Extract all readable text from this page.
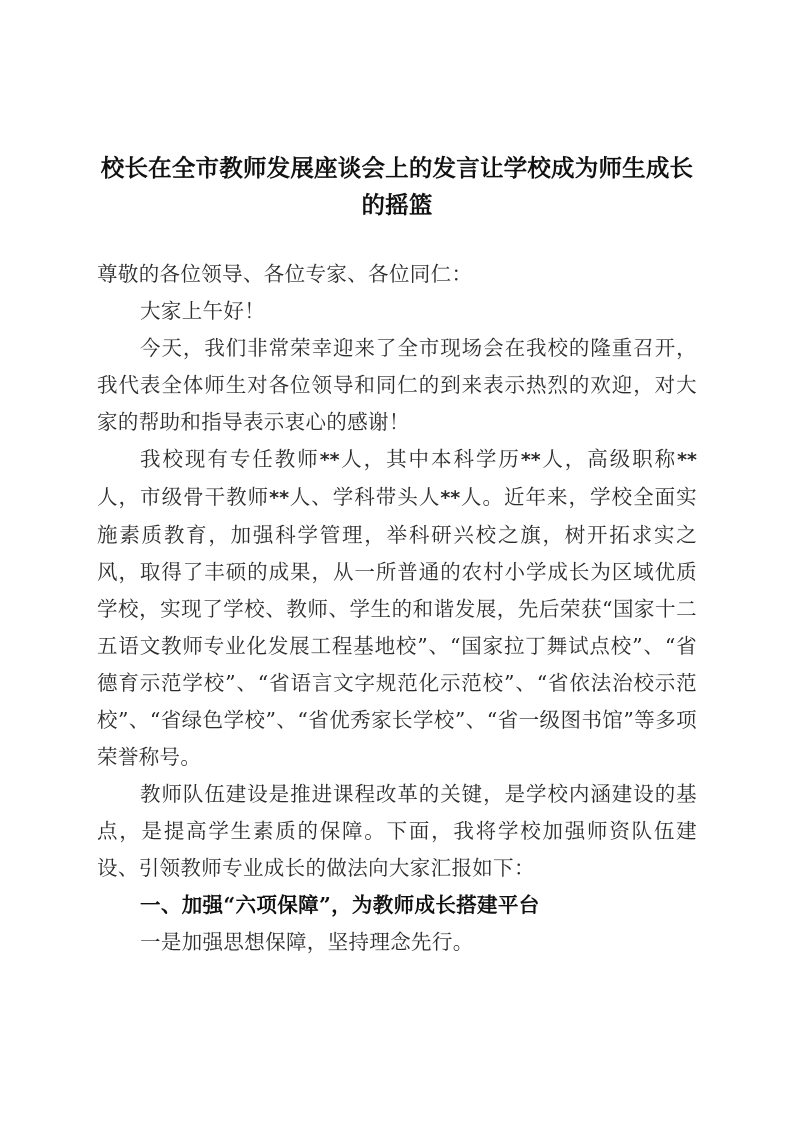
校长在全市教师发展座谈会上的发言让学校成为师生成长的摇篮

尊敬的各位领导、各位专家、各位同仁：

大家上午好！

今天，我们非常荣幸迎来了全市现场会在我校的隆重召开，我代表全体师生对各位领导和同仁的到来表示热烈的欢迎，对大家的帮助和指导表示衷心的感谢！

我校现有专任教师**人，其中本科学历**人，高级职称**人，市级骨干教师**人、学科带头人**人。近年来，学校全面实施素质教育，加强科学管理，举科研兴校之旗，树开拓求实之风，取得了丰硕的成果，从一所普通的农村小学成长为区域优质学校，实现了学校、教师、学生的和谐发展，先后荣获“国家十二五语文教师专业化发展工程基地校”、“国家拉丁舞试点校”、“省德育示范学校”、“省语言文字规范化示范校”、“省依法治校示范校”、“省绿色学校”、“省优秀家长学校”、“省一级图书馆”等多项荣誉称号。

教师队伍建设是推进课程改革的关键，是学校内涵建设的基点，是提高学生素质的保障。下面，我将学校加强师资队伍建设、引领教师专业成长的做法向大家汇报如下：

一、加强“六项保障”，为教师成长搭建平台

一是加强思想保障，坚持理念先行。
